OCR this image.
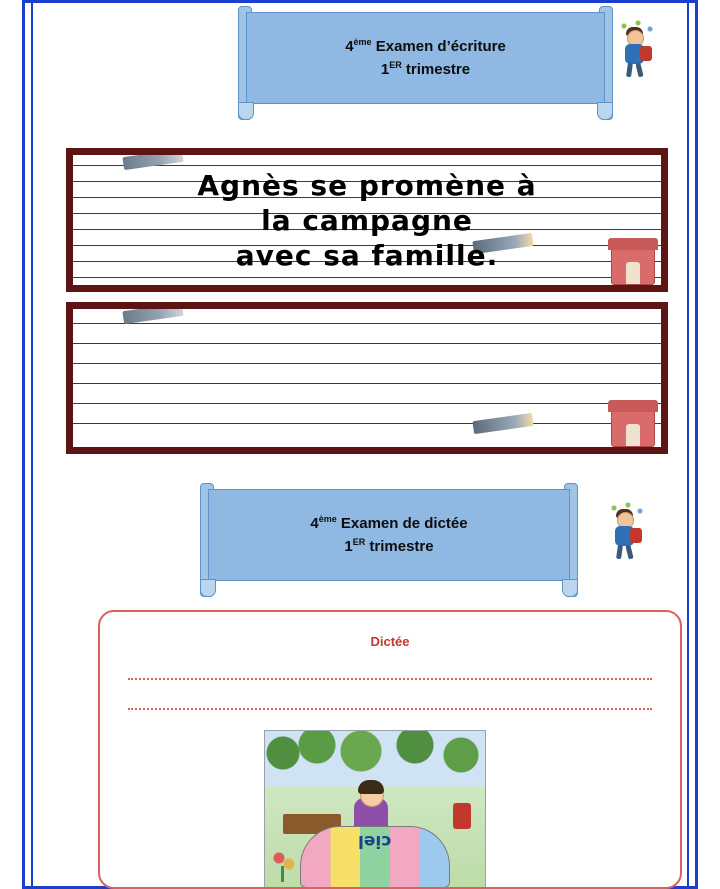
4ème Examen d’écriture
1ER trimestre
Agnès se promène à
la campagne
avec sa famille.
4ème Examen de dictée
1ER trimestre
Dictée
ciel
